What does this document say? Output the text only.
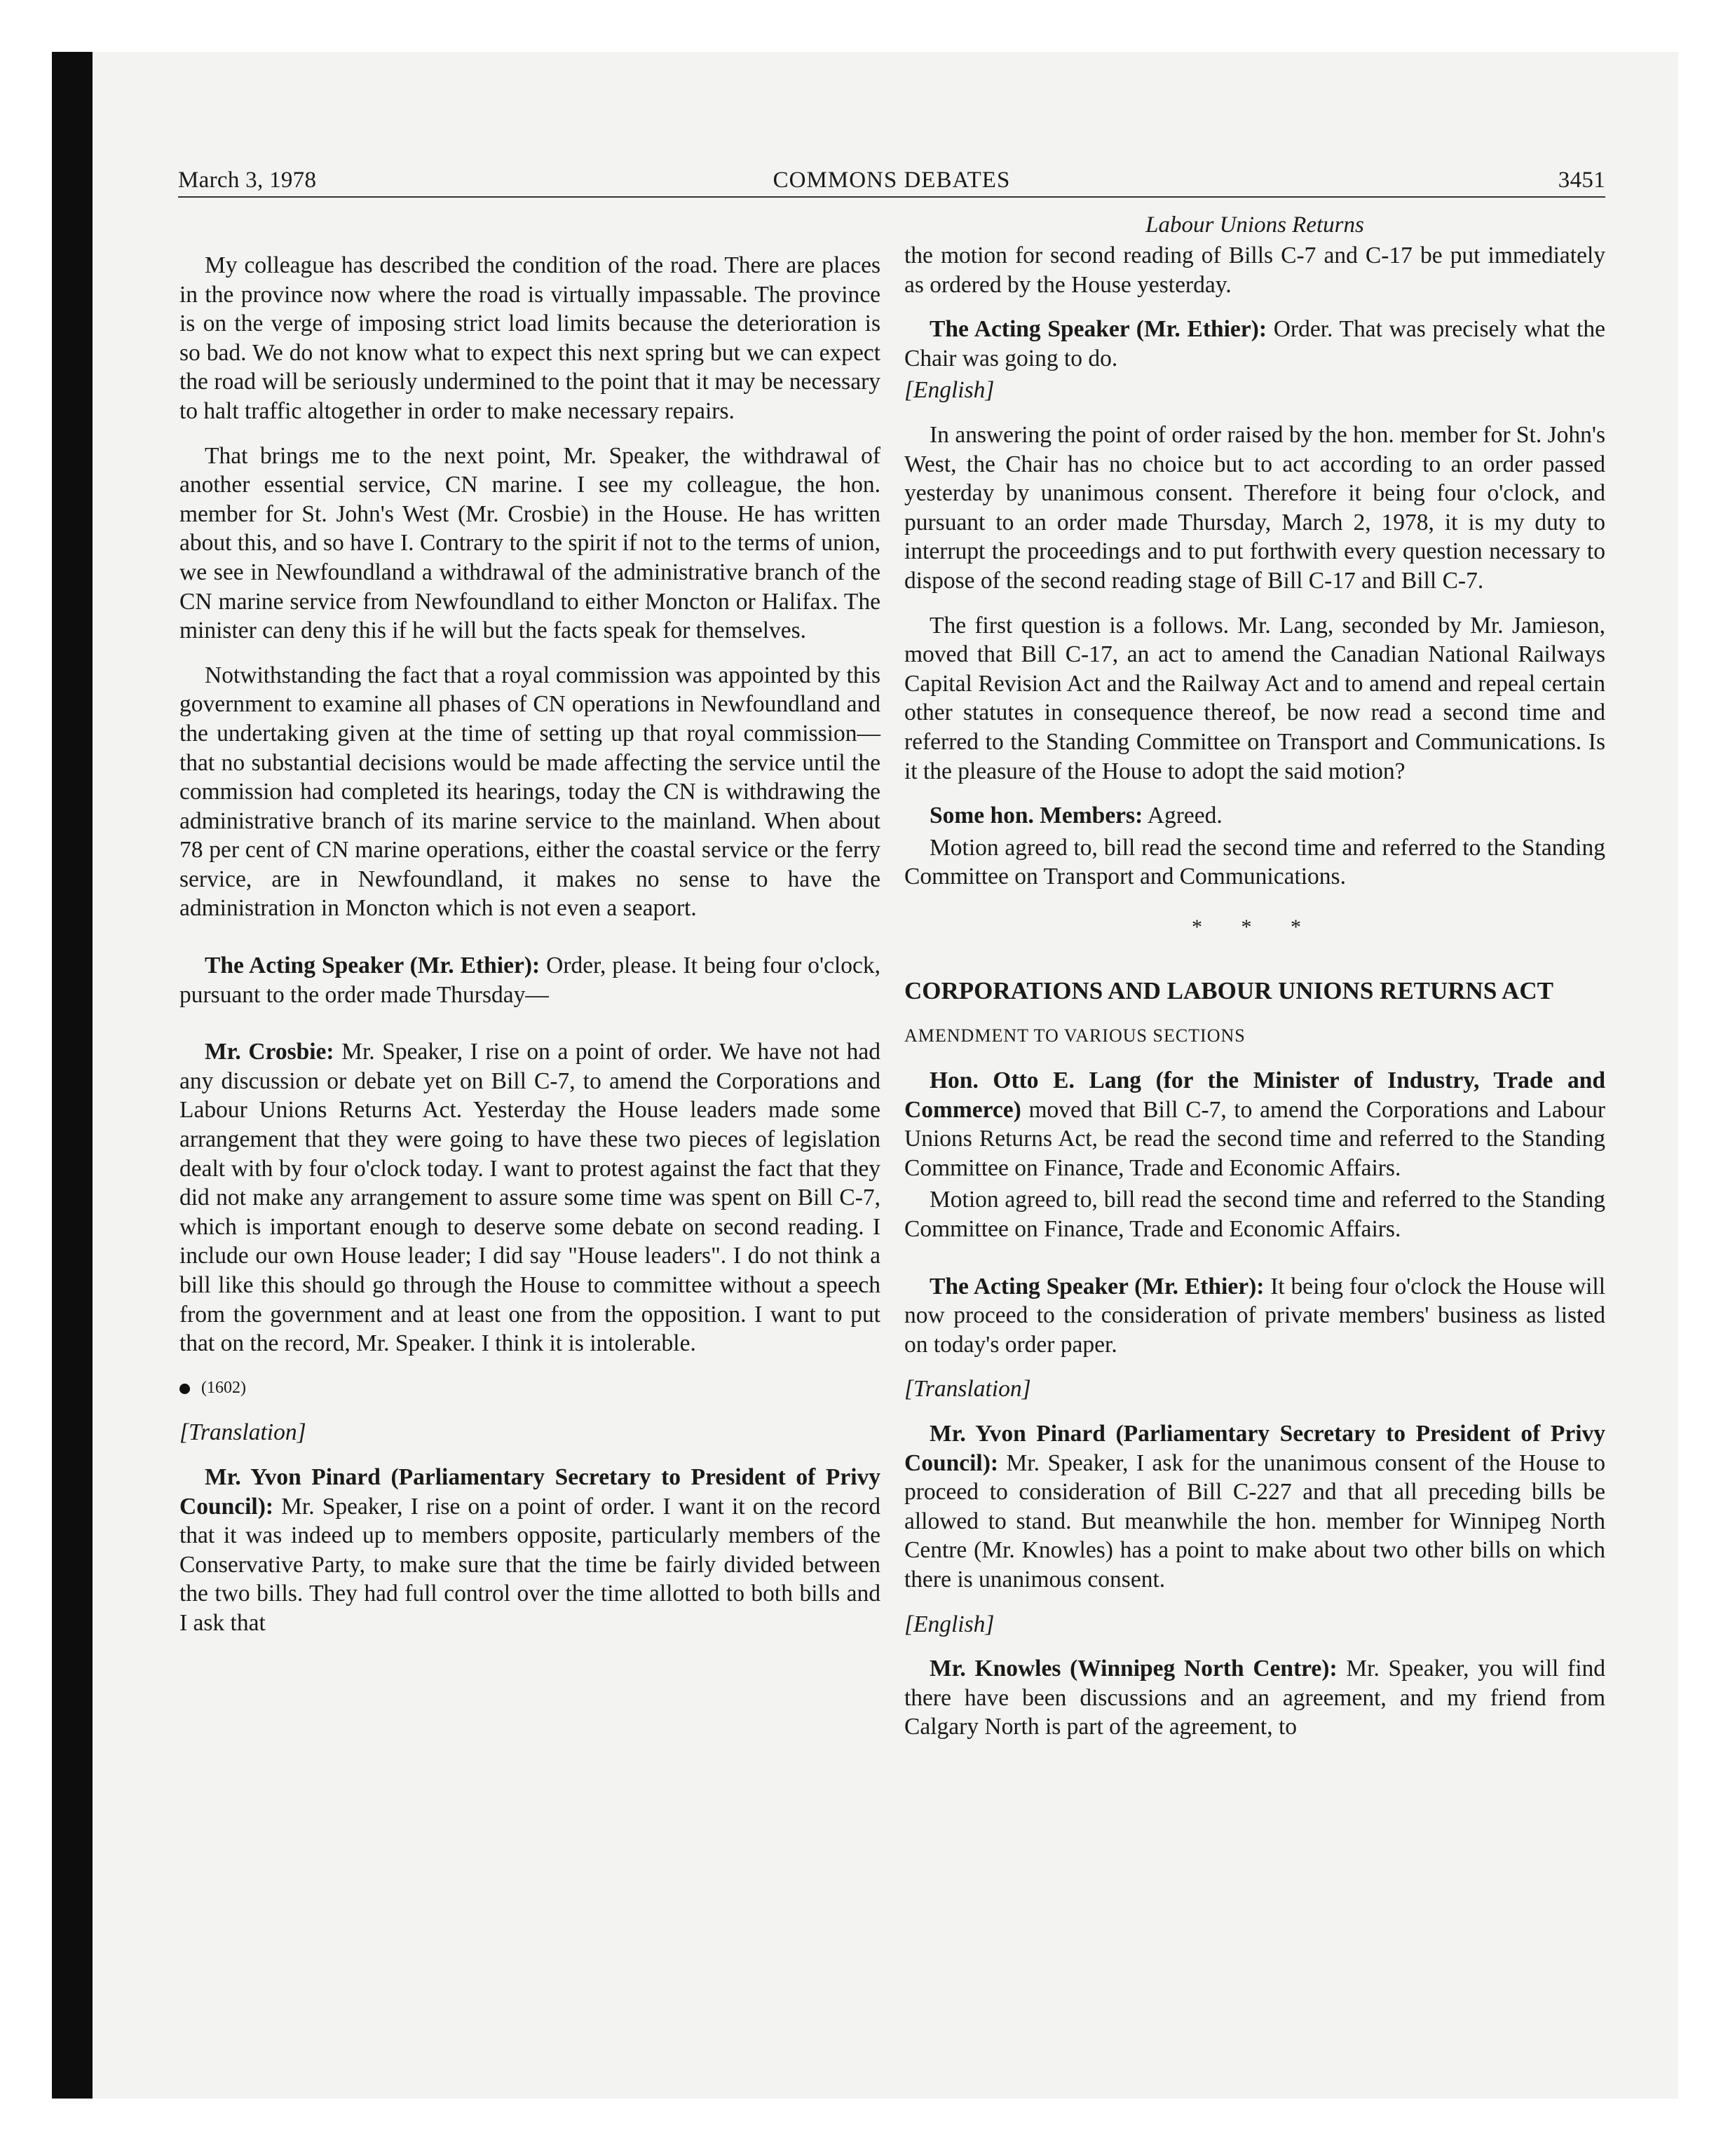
March 3, 1978	COMMONS DEBATES	3451

My colleague has described the condition of the road. There are places in the province now where the road is virtually impassable. The province is on the verge of imposing strict load limits because the deterioration is so bad. We do not know what to expect this next spring but we can expect the road will be seriously undermined to the point that it may be necessary to halt traffic altogether in order to make necessary repairs.

That brings me to the next point, Mr. Speaker, the withdrawal of another essential service, CN marine. I see my colleague, the hon. member for St. John's West (Mr. Crosbie) in the House. He has written about this, and so have I. Contrary to the spirit if not to the terms of union, we see in Newfoundland a withdrawal of the administrative branch of the CN marine service from Newfoundland to either Moncton or Halifax. The minister can deny this if he will but the facts speak for themselves.

Notwithstanding the fact that a royal commission was appointed by this government to examine all phases of CN operations in Newfoundland and the undertaking given at the time of setting up that royal commission—that no substantial decisions would be made affecting the service until the commission had completed its hearings, today the CN is withdrawing the administrative branch of its marine service to the mainland. When about 78 per cent of CN marine operations, either the coastal service or the ferry service, are in Newfoundland, it makes no sense to have the administration in Moncton which is not even a seaport.

The Acting Speaker (Mr. Ethier): Order, please. It being four o'clock, pursuant to the order made Thursday—

Mr. Crosbie: Mr. Speaker, I rise on a point of order. We have not had any discussion or debate yet on Bill C-7, to amend the Corporations and Labour Unions Returns Act. Yesterday the House leaders made some arrangement that they were going to have these two pieces of legislation dealt with by four o'clock today. I want to protest against the fact that they did not make any arrangement to assure some time was spent on Bill C-7, which is important enough to deserve some debate on second reading. I include our own House leader; I did say "House leaders". I do not think a bill like this should go through the House to committee without a speech from the government and at least one from the opposition. I want to put that on the record, Mr. Speaker. I think it is intolerable.

(1602)

[Translation]

Mr. Yvon Pinard (Parliamentary Secretary to President of Privy Council): Mr. Speaker, I rise on a point of order. I want it on the record that it was indeed up to members opposite, particularly members of the Conservative Party, to make sure that the time be fairly divided between the two bills. They had full control over the time allotted to both bills and I ask that

Labour Unions Returns

the motion for second reading of Bills C-7 and C-17 be put immediately as ordered by the House yesterday.

The Acting Speaker (Mr. Ethier): Order. That was precisely what the Chair was going to do.

[English]

In answering the point of order raised by the hon. member for St. John's West, the Chair has no choice but to act according to an order passed yesterday by unanimous consent. Therefore it being four o'clock, and pursuant to an order made Thursday, March 2, 1978, it is my duty to interrupt the proceedings and to put forthwith every question necessary to dispose of the second reading stage of Bill C-17 and Bill C-7.

The first question is a follows. Mr. Lang, seconded by Mr. Jamieson, moved that Bill C-17, an act to amend the Canadian National Railways Capital Revision Act and the Railway Act and to amend and repeal certain other statutes in consequence thereof, be now read a second time and referred to the Standing Committee on Transport and Communications. Is it the pleasure of the House to adopt the said motion?

Some hon. Members: Agreed.

Motion agreed to, bill read the second time and referred to the Standing Committee on Transport and Communications.

* * *

CORPORATIONS AND LABOUR UNIONS RETURNS ACT

AMENDMENT TO VARIOUS SECTIONS

Hon. Otto E. Lang (for the Minister of Industry, Trade and Commerce) moved that Bill C-7, to amend the Corporations and Labour Unions Returns Act, be read the second time and referred to the Standing Committee on Finance, Trade and Economic Affairs.

Motion agreed to, bill read the second time and referred to the Standing Committee on Finance, Trade and Economic Affairs.

The Acting Speaker (Mr. Ethier): It being four o'clock the House will now proceed to the consideration of private members' business as listed on today's order paper.

[Translation]

Mr. Yvon Pinard (Parliamentary Secretary to President of Privy Council): Mr. Speaker, I ask for the unanimous consent of the House to proceed to consideration of Bill C-227 and that all preceding bills be allowed to stand. But meanwhile the hon. member for Winnipeg North Centre (Mr. Knowles) has a point to make about two other bills on which there is unanimous consent.

[English]

Mr. Knowles (Winnipeg North Centre): Mr. Speaker, you will find there have been discussions and an agreement, and my friend from Calgary North is part of the agreement, to
